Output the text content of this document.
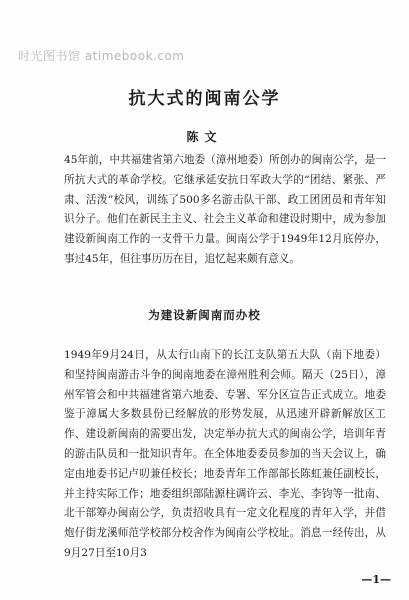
时光图书馆 atimebook.com
抗大式的闽南公学
陈文
45年前，中共福建省第六地委（漳州地委）所创办的闽南公学，是一所抗大式的革命学校。它继承延安抗日军政大学的“团结、紧张、严肃、活泼”校风，训练了500多名游击队干部、政工团团员和青年知识分子。他们在新民主主义、社会主义革命和建设时期中，成为参加建设新闽南工作的一支骨干力量。闽南公学于1949年12月底停办，事过45年，但往事历历在目，追忆起来颇有意义。
为建设新闽南而办校
1949年9月24日，从太行山南下的长江支队第五大队（南下地委）和坚持闽南游击斗争的闽南地委在漳州胜利会师。隔天（25日），漳州军管会和中共福建省第六地委、专署、军分区宣告正式成立。地委鉴于漳属大多数县份已经解放的形势发展，从迅速开辟新解放区工作、建设新闽南的需要出发，决定举办抗大式的闽南公学，培训年青的游击队员和一批知识青年。在全体地委委员参加的当天会议上，确定由地委书记卢叨兼任校长；地委青年工作部部长陈虹兼任副校长，并主持实际工作；地委组织部陆源柱调许云、李光、李钧等一批南、北干部筹办闽南公学，负责招收具有一定文化程度的青年入学，并借炮仔街龙溪师范学校部分校舍作为闽南公学校址。消息一经传出，从9月27日至10月3
—1—
